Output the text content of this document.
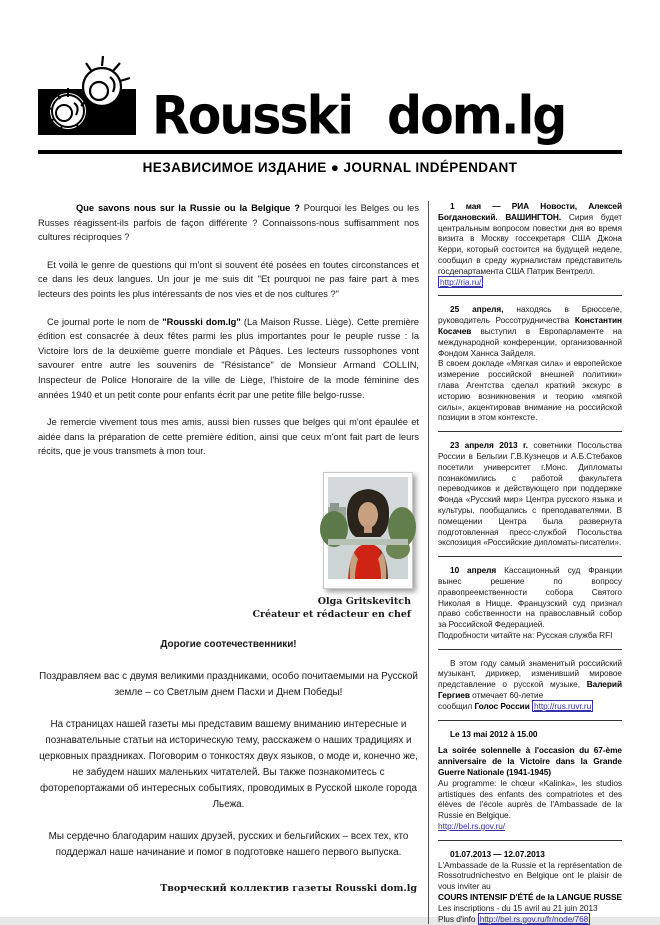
Rousski dom.lg
НЕЗАВИСИМОЕ ИЗДАНИЕ ● JOURNAL INDÉPENDANT

Que savons nous sur la Russie ou la Belgique ? Pourquoi les Belges ou les Russes réagissent-ils parfois de façon différente ? Connaissons-nous suffisamment nos cultures réciproques ?

Et voilà le genre de questions qui m'ont si souvent été posées en toutes circonstances et ce dans les deux langues. Un jour je me suis dit "Et pourquoi ne pas faire part à mes lecteurs des points les plus intéressants de nos vies et de nos cultures ?"

Ce journal porte le nom de "Rousski dom.lg" (La Maison Russe. Liège). Cette première édition est consacrée à deux fêtes parmi les plus importantes pour le peuple russe : la Victoire lors de la deuxième guerre mondiale et Pâques. Les lecteurs russophones vont savourer entre autre les souvenirs de "Résistance" de Monsieur Armand COLLIN, Inspecteur de Police Honoraire de la ville de Liège, l'histoire de la mode féminine des années 1940 et un petit conte pour enfants écrit par une petite fille belgo-russe.

Je remercie vivement tous mes amis, aussi bien russes que belges qui m'ont épaulée et aidée dans la préparation de cette première édition, ainsi que ceux m'ont fait part de leurs récits, que je vous transmets à mon tour.

Olga Gritskevitch
Créateur et rédacteur en chef
Дорогие соотечественники!

Поздравляем вас с двумя великими праздниками, особо почитаемыми на Русской земле – со Светлым днем Пасхи и Днем Победы!

На страницах нашей газеты мы представим вашему вниманию интересные и познавательные статьи на историческую тему, расскажем о наших традициях и церковных праздниках. Поговорим о тонкостях двух языков, о моде и, конечно же, не забудем наших маленьких читателей. Вы также познакомитесь с фоторепортажами об интересных событиях, проводимых в Русской школе города Льежа.

Мы сердечно благодарим наших друзей, русских и бельгийских – всех тех, кто поддержал наше начинание и помог в подготовке нашего первого выпуска.

Творческий коллектив газеты Rousski dom.lg

1 мая — РИА Новости, Алексей Богдановский. ВАШИНГТОН. Сирия будет центральным вопросом повестки дня во время визита в Москву госсекретаря США Джона Керри, который состоится на будущей неделе, сообщил в среду журналистам представитель госдепартамента США Патрик Вентрелл.

http://ria.ru/

25 апреля, находясь в Брюсселе, руководитель Россотрудничества Константин Косачев выступил в Европарламенте на международной конференции, организованной Фондом Ханнса Зайделя.

В своем докладе «Мягкая сила» и европейское измерение российской внешней политики» глава Агентства сделал краткий экскурс в историю возникновения и теорию «мягкой силы», акцентировав внимание на российской позиции в этом контексте.

23 апреля 2013 г. советники Посольства России в Бельгии Г.В.Кузнецов и А.Б.Стебаков посетили университет г.Монс. Дипломаты познакомились с работой факультета переводчиков и действующего при поддержке Фонда «Русский мир» Центра русского языка и культуры, пообщались с преподавателями. В помещении Центра была развернута подготовленная пресс-службой Посольства экспозиция «Российские дипломаты-писатели».

10 апреля Кассационный суд Франции вынес решение по вопросу правопреемственности собора Святого Николая в Ницце. Французский суд признал право собственности на православный собор за Российской Федерацией.

Подробности читайте на: Русская служба RFI

В этом году самый знаменитый российский музыкант, дирижер, изменивший мировое представление о русской музыке, Валерий Гергиев отмечает 60-летие

сообщил Голос России http://rus.ruvr.ru

Le 13 mai 2012 à 15.00

La soirée solennelle à l'occasion du 67-ème anniversaire de la Victoire dans la Grande Guerre Nationale (1941-1945)

Au programme: le chœur «Kalinka», les studios artistiques des enfants des compatriotes et des élèves de l'école auprès de l'Ambassade de la Russie en Belgique.

http://bel.rs.gov.ru/

01.07.2013 — 12.07.2013

L'Ambassade de la Russie et la représentation de Rossotrudnichestvo en Belgique ont le plaisir de vous inviter au

COURS INTENSIF D'ÉTÉ de la LANGUE RUSSE

Les inscriptions - du 15 avril au 21 juin 2013

Plus d'info http://bel.rs.gov.ru/fr/node/768
